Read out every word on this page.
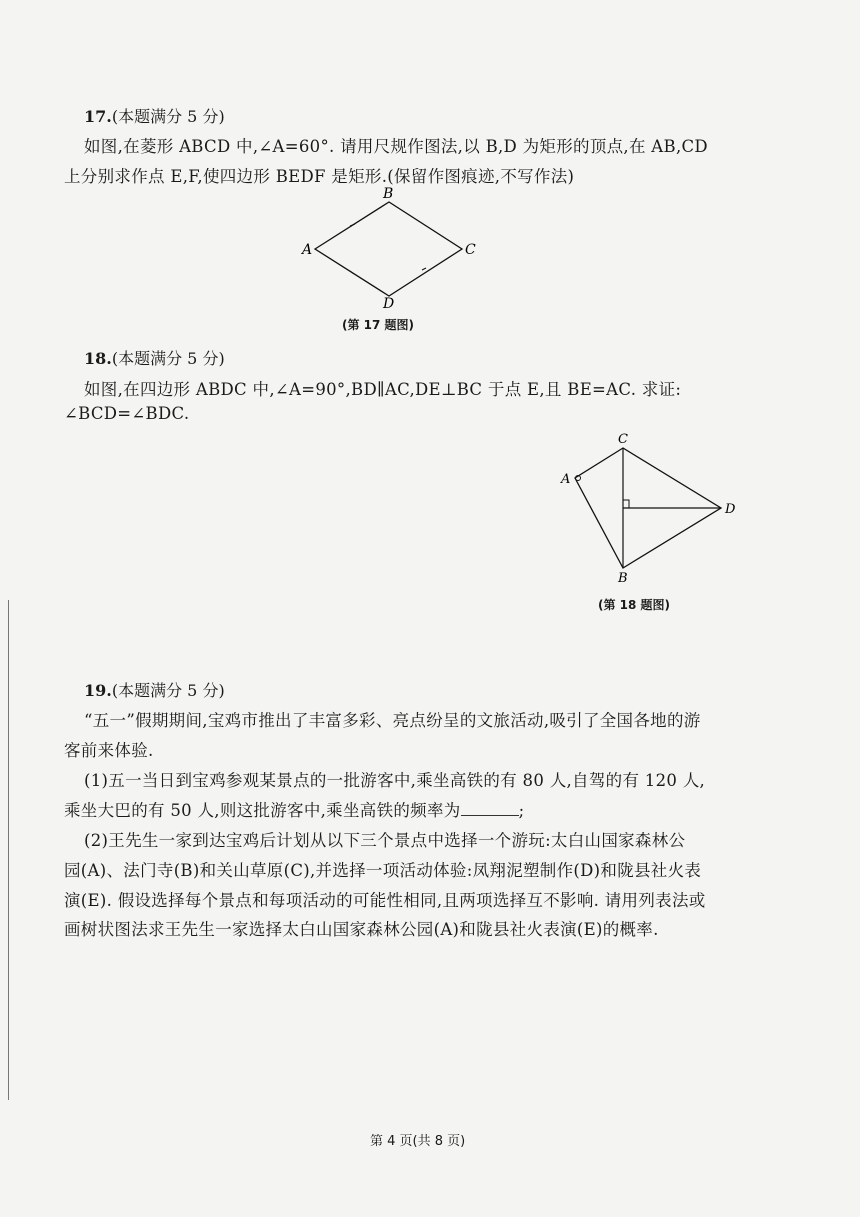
17.(本题满分 5 分)
如图,在菱形 ABCD 中,∠A=60°. 请用尺规作图法,以 B,D 为矩形的顶点,在 AB,CD
上分别求作点 E,F,使四边形 BEDF 是矩形.(保留作图痕迹,不写作法)
A
B
C
D
(第 17 题图)
18.(本题满分 5 分)
如图,在四边形 ABDC 中,∠A=90°,BD∥AC,DE⊥BC 于点 E,且 BE=AC. 求证:
∠BCD=∠BDC.
C
A
D
B
(第 18 题图)
19.(本题满分 5 分)
“五一”假期期间,宝鸡市推出了丰富多彩、亮点纷呈的文旅活动,吸引了全国各地的游
客前来体验.
(1)五一当日到宝鸡参观某景点的一批游客中,乘坐高铁的有 80 人,自驾的有 120 人,
乘坐大巴的有 50 人,则这批游客中,乘坐高铁的频率为	;
(2)王先生一家到达宝鸡后计划从以下三个景点中选择一个游玩:太白山国家森林公
园(A)、法门寺(B)和关山草原(C),并选择一项活动体验:凤翔泥塑制作(D)和陇县社火表
演(E). 假设选择每个景点和每项活动的可能性相同,且两项选择互不影响. 请用列表法或
画树状图法求王先生一家选择太白山国家森林公园(A)和陇县社火表演(E)的概率.
第 4 页(共 8 页)
